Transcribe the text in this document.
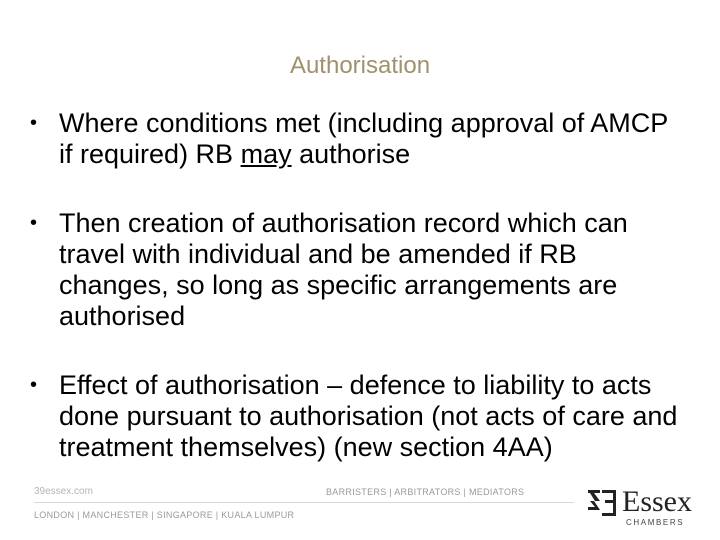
Authorisation
• Where conditions met (including approval of AMCP if required) RB may authorise
• Then creation of authorisation record which can travel with individual and be amended if RB changes, so long as specific arrangements are authorised
• Effect of authorisation – defence to liability to acts done pursuant to authorisation (not acts of care and treatment themselves) (new section 4AA)
39essex.com	BARRISTERS | ARBITRATORS | MEDIATORS
LONDON | MANCHESTER | SINGAPORE | KUALA LUMPUR	39 Essex
CHAMBERS
